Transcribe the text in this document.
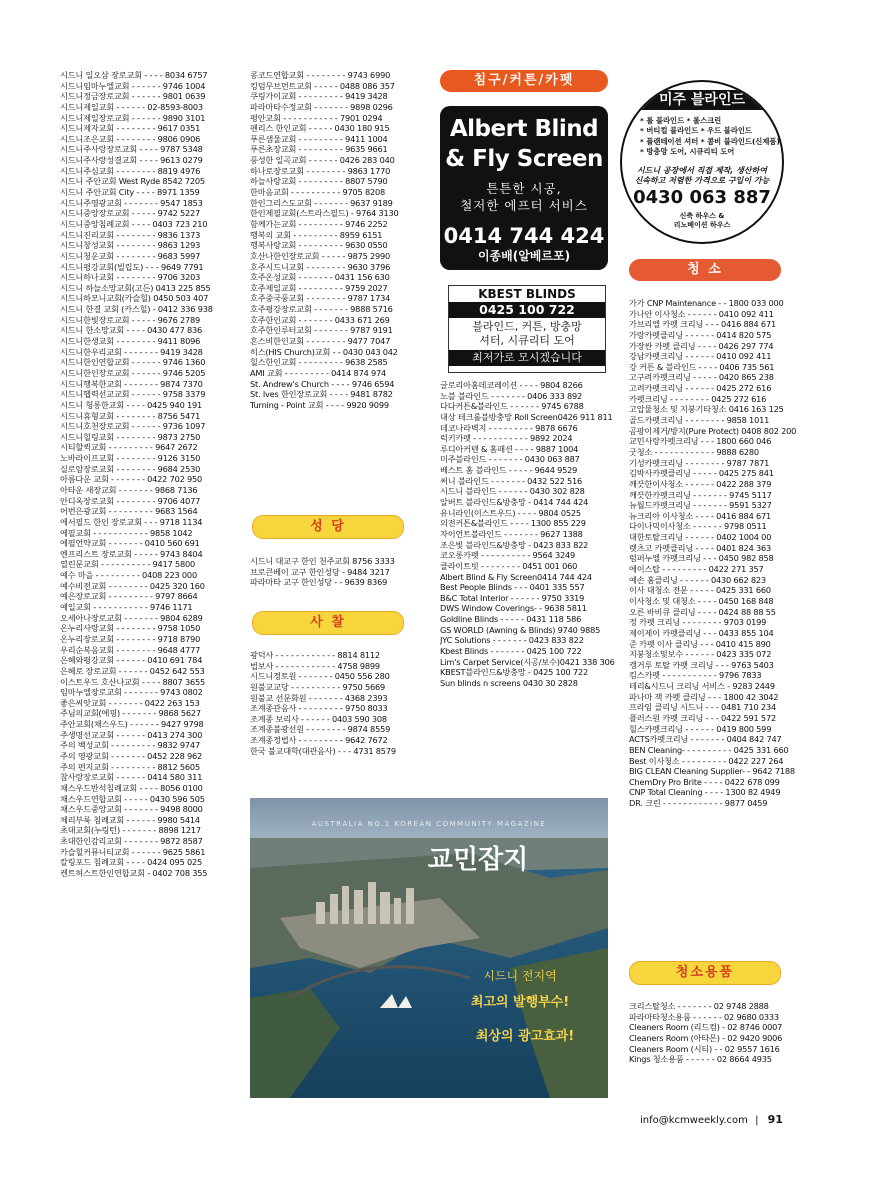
시드니 일오삼 장로교회 - - - - 8034 6757
시드니임마누엘교회 - - - - - - 9746 1004
시드니정금장로교회 - - - - - - 9801 0639
시드니제일교회 - - - - - - 02-8593-8003
시드니제일장로교회 - - - - - - 9890 3101
시드니제자교회 - - - - - - - - 9617 0351
시드니조은교회 - - - - - - - - 9806 0906
시드니주사랑장로교회 - - - - 9787 5348
시드니주사랑성결교회 - - - - 9613 0279
시드니주심교회 - - - - - - - - 8819 4976
시드니 주안교회 West Ryde 8542 7205
시드니 주안교회 City - - - - 8971 1359
시드니주영광교회 - - - - - - - 9547 1853
시드니중앙장로교회 - - - - - 9742 5227
시드니중앙침례교회 - - - - 0403 723 210
시드니진리교회 - - - - - - - - 9836 1373
시드니창성교회 - - - - - - - - 9863 1293
시드니청운교회 - - - - - - - - 9683 5997
시드니평강교회(빌립도) - - - 9649 7791
시드니하나교회 - - - - - - - - 9706 3203
시드니 하늘소망교회(고든) 0413 225 855
시드니하모니교회(카슬힐) 0450 503 407
시드니 한결 교회 (카스힐) - 0412 336 938
시드니한빛장로교회 - - - - - 9676 2789
시드니 한소망교회 - - - - 0430 477 836
시드니한생교회 - - - - - - - - 9411 8096
시드니한우리교회 - - - - - - - 9419 3428
시드니한인연합교회 - - - - - - 9746 1360
시드니한인장로교회 - - - - - - 9746 5205
시드니행복한교회 - - - - - - - 9874 7370
시드니헵력선교교회 - - - - - - 9758 3379
시드니 헝롱한교회 - - - - 0425 940 191
시드니휴형교회 - - - - - - - - 8756 5471
시드니호천장로교회 - - - - - - 9736 1097
시드니힐링교회 - - - - - - - - 9873 2750
시티할퀵교회 - - - - - - - - - 9647 2672
노바라이프교회 - - - - - - - - 9126 3150
실로암장로교회 - - - - - - - - 9684 2530
아름다운 교회 - - - - - - - 0422 702 950
아타운 새장교회 - - - - - - - 9868 7136
안디옥장로교회 - - - - - - - - 9706 4077
어번은광교회 - - - - - - - - - 9683 1564
에서필드 한인 장로교회 - - - 9718 1134
에필교회 - - - - - - - - - - - 9858 1042
에필언약교회 - - - - - - - 0410 560 691
엔프리스트 장로교회 - - - - - 9743 8404
열린문교회 - - - - - - - - - - 9417 5800
예수 마을 - - - - - - - - - 0408 223 000
예수비전교회 - - - - - - - - 0425 320 160
예은장로교회 - - - - - - - - - 9797 8664
예일교회 - - - - - - - - - - - 9746 1171
오세아나장로교회 - - - - - - - 9804 6289
온누리사랑교회 - - - - - - - - 9758 1050
온누리장로교회 - - - - - - - - 9718 8790
우리순복음교회 - - - - - - - - 9648 4777
은혜와평강교회 - - - - - - 0410 691 784
은혜로 장로교회 - - - - - - 0452 642 553
이스트우드 호산나교회 - - - - 8807 3655
임마누엘장로교회 - - - - - - - 9743 0802
좋은씨앗교회 - - - - - - - 0422 263 153
주님의교회(에핑) - - - - - - - 9868 5627
주안교회(채스우드) - - - - - - 9427 9798
주생명선교교회 - - - - - - 0413 274 300
주의 백성교회 - - - - - - - - - 9832 9747
주의 영광교회 - - - - - - - 0452 228 962
주의 편지교회 - - - - - - - - - 8812 5605
참사랑장로교회 - - - - - - 0414 580 311
채스우드반석침례교회 - - - - 8056 0100
채스우드연합교회 - - - - - 0430 596 505
채스우드중앙교회 - - - - - - - 9498 8000
체리부룩 침례교회 - - - - - - 9980 5414
초대교회(누링턴) - - - - - - - 8898 1217
초대한인감리교회 - - - - - - - 9872 8587
카슬힐커뮤니티교회 - - - - - - 9625 5861
칼링포드 침례교회 - - - - 0424 095 025
켄트허스트한인연합교회 - 0402 708 355
콩코드연합교회 - - - - - - - - 9743 6990
킹덤무브먼트교회 - - - - - 0488 086 357
쿠링가이교회 - - - - - - - - - 9419 3428
파라마타수정교회 - - - - - - - 9898 0296
평안교회 - - - - - - - - - - - 7901 0294
펜리스 한인교회 - - - - - 0430 180 915
푸른샘물교회 - - - - - - - - - 9411 1004
푸른초장교회 - - - - - - - - - 9635 9661
풍성한 일곡교회 - - - - - - 0426 283 040
하나로장로교회 - - - - - - - - 9863 1770
하늘사랑교회 - - - - - - - - - 8807 5790
한마음교회 - - - - - - - - - - 9705 8208
한인그리스도교회 - - - - - - - 9637 9189
한인제필교회(스트라스필드) - 9764 3130
함께가는교회 - - - - - - - - - 9746 2252
행복의 교회 - - - - - - - - - 8959 6151
행복사랑교회 - - - - - - - - - 9630 0550
호산나한인장로교회 - - - - - 9875 2990
호주시드니교회 - - - - - - - - 9630 3796
호주온성교회 - - - - - - - 0431 156 630
호주제일교회 - - - - - - - - - 9759 2027
호주중국풍교회 - - - - - - - - 9787 1734
호주평강장로교회 - - - - - - - 9888 5716
호주한인교회 - - - - - - - 0433 671 269
호주한인루터교회 - - - - - - - 9787 9191
혼스비한인교회 - - - - - - - - 9477 7047
히스(HIS Church)교회 - - 0430 043 042
힐스한인교회 - - - - - - - - - 9638 2585
AMI 교회 - - - - - - - - - 0414 874 974
St. Andrew's Church - - - - 9746 6594
St. Ives 한인장로교회 - - - - 9481 8782
Turning - Point 교회 - - - - 9920 9099
성 당
시드니 대교구 한인 천주교회 8756 3333
브로큰베이 교구 한인성당 - 9484 3217
파라마타 교구 한인성당 - - 9639 8369
사 찰
광덕사 - - - - - - - - - - - - 8814 8112
법보사 - - - - - - - - - - - - 4758 9899
시드니정토원 - - - - - - - 0450 556 280
원불교교당 - - - - - - - - - - 9750 5669
원불교 선문화원 - - - - - - - 4368 2393
조계종관음사 - - - - - - - - - 9750 8033
조계종 보리사 - - - - - - 0403 590 308
조계종불광선원 - - - - - - - - 9874 8559
조계종정법사 - - - - - - - - - 9642 7672
한국 불교대학(대관음사) - - - 4731 8579
침구/커튼/카펫
Albert Blind
& Fly Screen
튼튼한 시공,
철저한 에프터 서비스
0414 744 424
이종배(알베르포)
KBEST BLINDS
0425 100 722
블라인드, 커튼, 방충망
셔터, 시큐리티 도어
최저가로 모시겠습니다
글로리아홈데코레이션 - - - - 9804 8266
노블 블라인드 - - - - - - - 0406 333 892
다다커튼&블라인드 - - - - - - 9745 6788
대상 테크롤블방충망 Roll Screen0426 911 811
데코나라벽지 - - - - - - - - - 9878 6676
럭키카펫 - - - - - - - - - - - 9892 2024
루디아커텐 & 홈패션 - - - - 9887 1004
미주블라인드 - - - - - - - 0430 063 887
베스트 홈 블라인드 - - - - - 9644 9529
써니 블라인드 - - - - - - - 0432 522 516
시드니 블라인드 - - - - - - 0430 302 828
알버트 블라인드&방충망 - 0414 744 424
유니라인(이스트우드) - - - - 9804 0525
의전커튼&블라인드 - - - - 1300 855 229
자이언트블라인드 - - - - - - - 9627 1388
조은빛 블라인드&방충망 - 0423 833 822
코오롱카펫 - - - - - - - - - - 9564 3249
클라이트빗 - - - - - - - - 0451 001 060
Albert Blind & Fly Screen0414 744 424
Best People Blinds - - - 0401 335 557
B&C Total Interior - - - - - - 9750 3319
DWS Window Coverings- - 9638 5811
Goldline Blinds - - - - - 0431 118 586
GS WORLD (Awning & Blinds) 9740 9885
JYC Solutions - - - - - - - 0423 833 822
Kbest Blinds - - - - - - - 0425 100 722
Lim's Carpet Service(시공/보수)0421 338 306
KBEST블라인드&방충망 - 0425 100 722
Sun blinds n screens 0430 30 2828
미주 블라인드
* 롤 블라인드 * 롤스크린
* 버티컬 블라인드 * 우드 블라인드
* 플랜테이션 셔터 * 콤비 블라인드(신제품)
* 방충망 도어, 시큐리티 도어
시드니 공장에서 직접 제작, 생산하여
신속하고 저렴한 가격으로 구입이 가능
0430 063 887
신축 하우스 &
리노베이션 하우스
청 소
가가 CNP Maintenance - - 1800 033 000
가나안 이사청소 - - - - - - 0410 092 411
가브리엘 카펫 크리닝 - - - 0416 884 671
가랑카펫클리닝 - - - - - - 0414 820 575
가장싼 카펫 클리닝 - - - - 0426 297 774
강남카펫크리닝 - - - - - - 0410 092 411
강 커튼 & 블라인드 - - - - 0406 735 561
고구려카펫크리닝 - - - - - 0420 865 238
고려카펫크리닝 - - - - - - 0425 272 616
카펫크리닝 - - - - - - - - 0425 272 616
고압물청소 및 지붕기타청소 0416 163 125
골드카펫크리닝 - - - - - - - - 9858 1011
곰팡이제거/방지(Pure Protect) 0408 802 200
교민사랑카펫크리닝 - - - 1800 660 046
굿청소 - - - - - - - - - - - - 9888 6280
기성카펫크리닝 - - - - - - - - 9787 7871
김박사카펫클리닝 - - - - - 0425 275 841
깨끗한이사청소 - - - - - - 0422 288 379
깨끗한카펫크리닝 - - - - - - - 9745 5117
뉴월드카펫크리닝 - - - - - - - 9591 5327
뉴크리아 이사청소 - - - - 0416 884 671
다이나믹이사청소 - - - - - - 9798 0511
대한토탈크리닝 - - - - - - 0402 1004 00
렛츠고 카펫클리닝 - - - - 0401 824 363
럼퍼누엘 카펫크리닝 - - - 0450 982 858
에이스탑 - - - - - - - - - 0422 271 357
예손 홈클리닝 - - - - - - 0430 662 823
이사 대청소 전문 - - - - - 0425 331 660
이사청소 및 대청소 - - - - 0450 168 848
오른 바비큐 클리닝 - - - - 0424 88 88 55
정 카펫 크리닝 - - - - - - - - 9703 0199
제이제이 카펫클리닝 - - - 0433 855 104
준 카펫 이사 클리닝 - - - 0410 415 890
지붕청소및보수 - - - - - - 0423 335 072
캥거루 토탈 카펫 크리닝 - - - 9763 5403
킴스카펫 - - - - - - - - - - - 9796 7833
테리&시드니 크리닝 서비스 - 9283 2449
파나마 잭 카펫 클리닝 - - - 1800 42 3042
프라임 클리닝 시드니 - - - 0481 710 234
플러스원 카펫 크리닝 - - - 0422 591 572
힐스카펫크리닝 - - - - - - 0419 800 599
ACTS카펫크리닝 - - - - - - - 0404 842 747
BEN Cleaning- - - - - - - - - - 0425 331 660
Best 이사청소 - - - - - - - - - 0422 227 264
BIG CLEAN Cleaning Supplier- - 9642 7188
ChemDry Pro Brite - - - - 0422 678 099
CNP Total Cleaning - - - - 1300 82 4949
DR. 크린 - - - - - - - - - - - - 9877 0459
청소용품
크리스탈청소 - - - - - - - 02 9748 2888
파라마타청소용품 - - - - - - 02 9680 0333
Cleaners Room (리드컴) - 02 8746 0007
Cleaners Room (아타몬) - 02 9420 9006
Cleaners Room (시티) - - 02 9557 1616
Kings 청소용품 - - - - - - 02 8664 4935
AUSTRALIA NO.1 KOREAN COMMUNITY MAGAZINE
교민잡지
시드니 전지역
최고의 발행부수!
최상의 광고효과!
info@kcmweekly.com | 91
